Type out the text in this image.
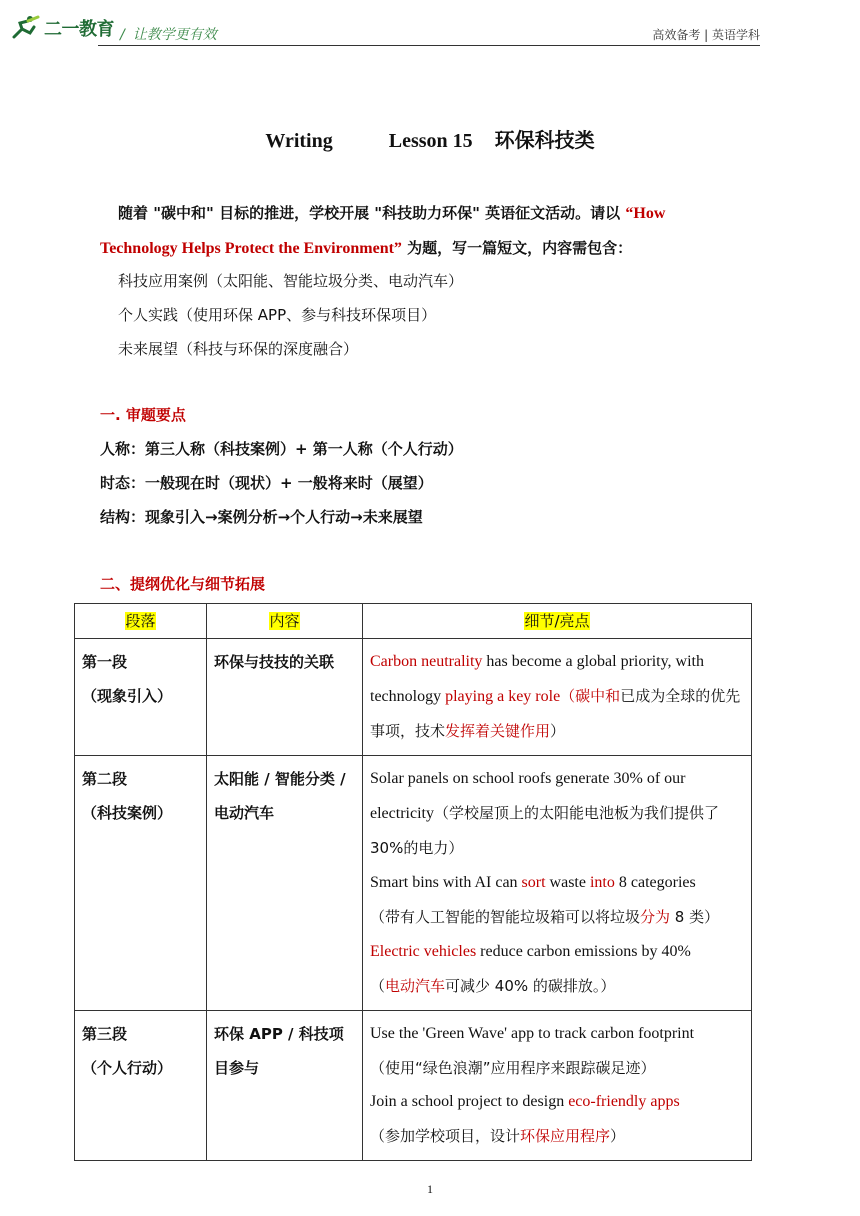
二一教育 / 让教学更有效	高效备考 | 英语学科
Writing	Lesson 15 环保科技类
随着 "碳中和" 目标的推进，学校开展 "科技助力环保" 英语征文活动。请以 “How
Technology Helps Protect the Environment” 为题，写一篇短文，内容需包含：
科技应用案例（太阳能、智能垃圾分类、电动汽车）
个人实践（使用环保 APP、参与科技环保项目）
未来展望（科技与环保的深度融合）
一. 审题要点
人称：第三人称（科技案例）+ 第一人称（个人行动）
时态：一般现在时（现状）+ 一般将来时（展望）
结构：现象引入→案例分析→个人行动→未来展望
二、提纲优化与细节拓展
段落	内容	细节/亮点

第一段
（现象引入）	环保与技技的关联	Carbon neutrality has become a global priority, with technology playing a key role（碳中和已成为全球的优先事项，技术发挥着关键作用）

第二段
（科技案例）	太阳能 / 智能分类 / 电动汽车	Solar panels on school roofs generate 30% of our electricity（学校屋顶上的太阳能电池板为我们提供了 30%的电力）
Smart bins with AI can sort waste into 8 categories
（带有人工智能的智能垃圾箱可以将垃圾分为 8 类）
Electric vehicles reduce carbon emissions by 40%
（电动汽车可减少 40% 的碳排放。）

第三段
（个人行动）	环保 APP / 科技项目参与	Use the 'Green Wave' app to track carbon footprint
（使用“绿色浪潮”应用程序来跟踪碳足迹）
Join a school project to design eco-friendly apps
（参加学校项目，设计环保应用程序）
1
